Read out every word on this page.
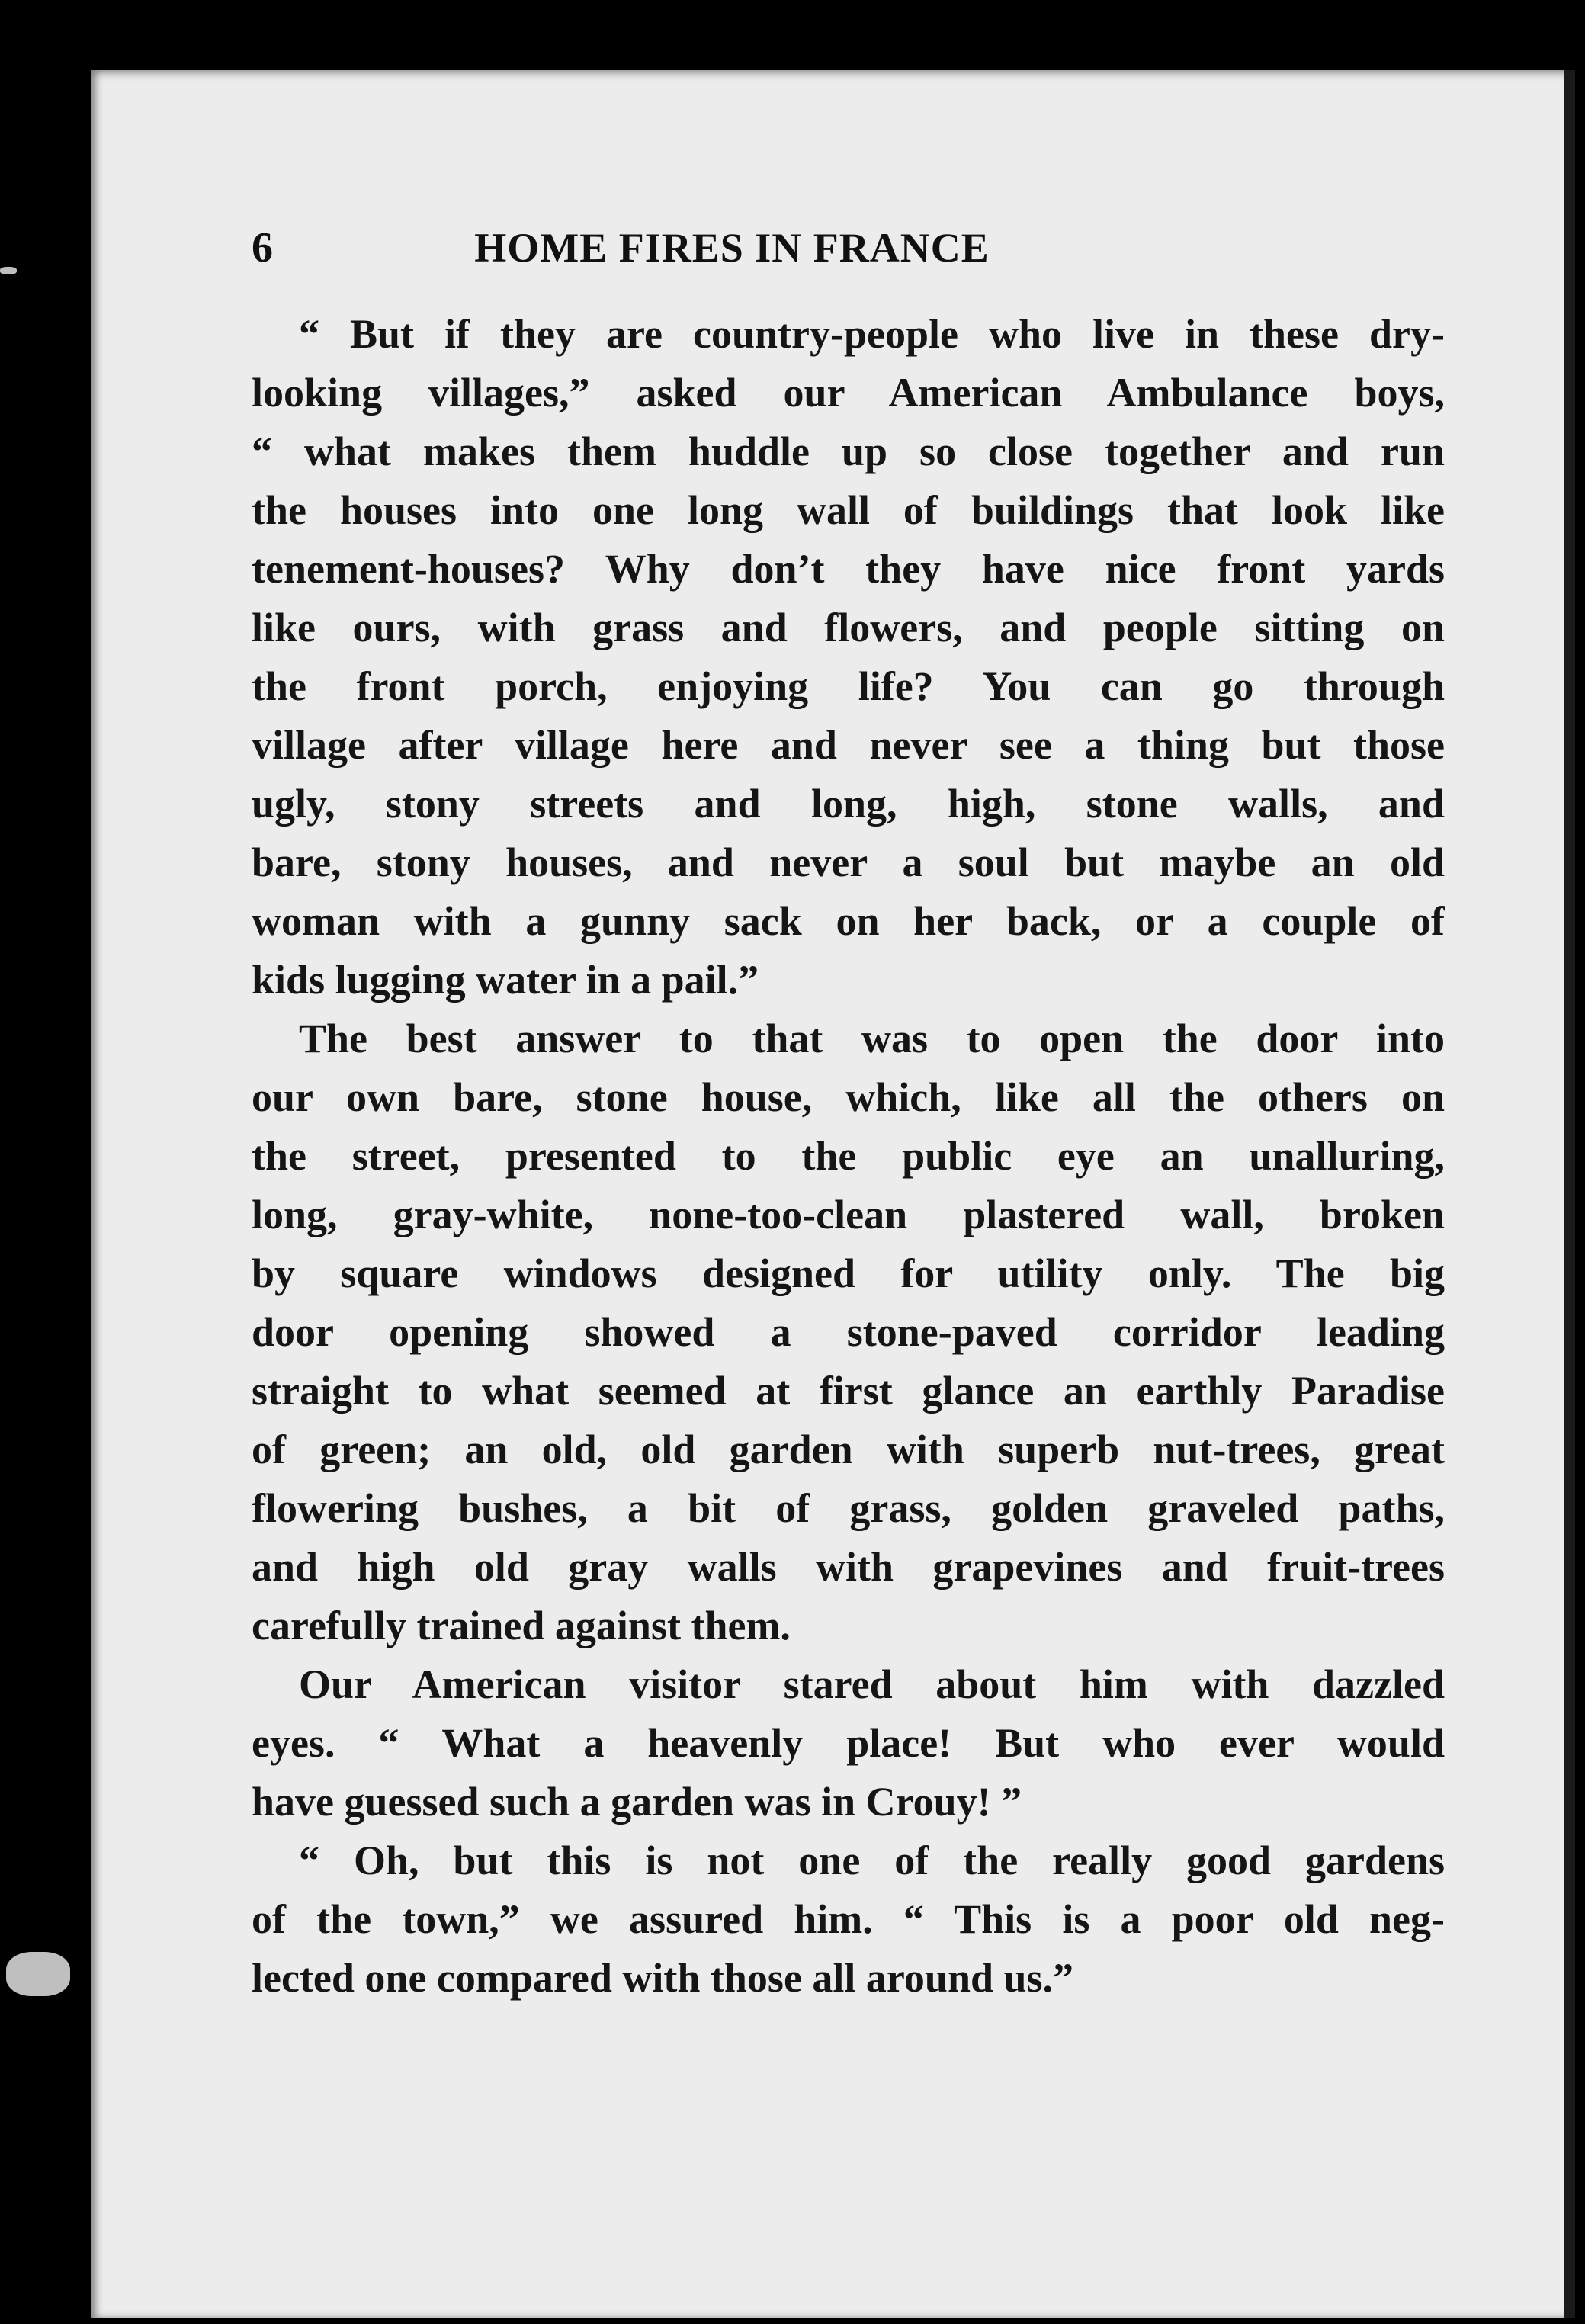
6	HOME FIRES IN FRANCE
“ But if they are country-people who live in these dry-
looking villages,” asked our American Ambulance boys,
“ what makes them huddle up so close together and run
the houses into one long wall of buildings that look like
tenement-houses? Why don’t they have nice front yards
like ours, with grass and flowers, and people sitting on
the front porch, enjoying life? You can go through
village after village here and never see a thing but those
ugly, stony streets and long, high, stone walls, and
bare, stony houses, and never a soul but maybe an old
woman with a gunny sack on her back, or a couple of
kids lugging water in a pail.”
The best answer to that was to open the door into
our own bare, stone house, which, like all the others on
the street, presented to the public eye an unalluring,
long, gray-white, none-too-clean plastered wall, broken
by square windows designed for utility only. The big
door opening showed a stone-paved corridor leading
straight to what seemed at first glance an earthly Paradise
of green; an old, old garden with superb nut-trees, great
flowering bushes, a bit of grass, golden graveled paths,
and high old gray walls with grapevines and fruit-trees
carefully trained against them.
Our American visitor stared about him with dazzled
eyes. “ What a heavenly place! But who ever would
have guessed such a garden was in Crouy! ”
“ Oh, but this is not one of the really good gardens
of the town,” we assured him. “ This is a poor old neg-
lected one compared with those all around us.”
